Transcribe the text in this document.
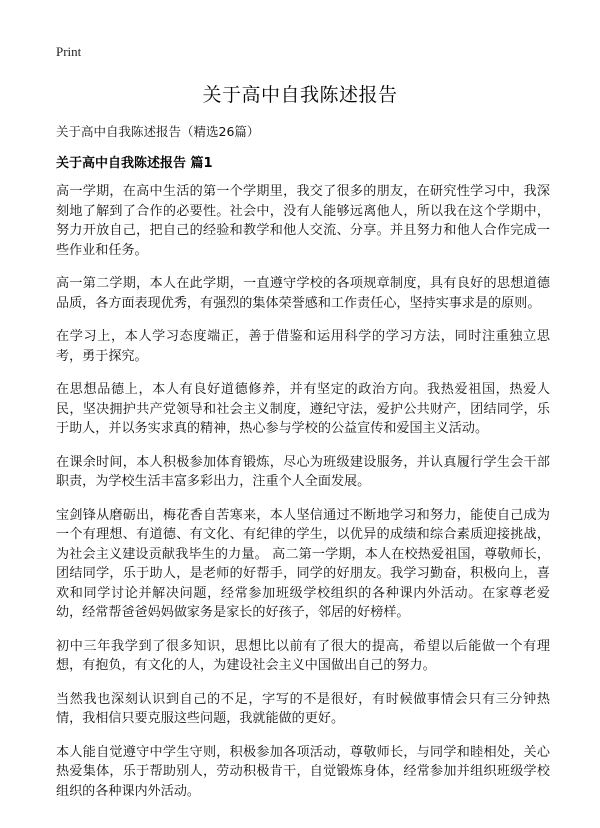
Print
关于高中自我陈述报告
关于高中自我陈述报告（精选26篇）
关于高中自我陈述报告 篇1

高一学期，在高中生活的第一个学期里，我交了很多的朋友，在研究性学习中，我深刻地了解到了合作的必要性。社会中，没有人能够远离他人，所以我在这个学期中，努力开放自己，把自己的经验和教学和他人交流、分享。并且努力和他人合作完成一些作业和任务。

高一第二学期，本人在此学期，一直遵守学校的各项规章制度，具有良好的思想道德品质，各方面表现优秀，有强烈的集体荣誉感和工作责任心，坚持实事求是的原则。

在学习上，本人学习态度端正，善于借鉴和运用科学的学习方法，同时注重独立思考，勇于探究。

在思想品德上，本人有良好道德修养，并有坚定的政治方向。我热爱祖国，热爱人民，坚决拥护共产党领导和社会主义制度，遵纪守法，爱护公共财产，团结同学，乐于助人，并以务实求真的精神，热心参与学校的公益宣传和爱国主义活动。

在课余时间，本人积极参加体育锻炼，尽心为班级建设服务，并认真履行学生会干部职责，为学校生活丰富多彩出力，注重个人全面发展。

宝剑锋从磨砺出，梅花香自苦寒来，本人坚信通过不断地学习和努力，能使自己成为一个有理想、有道德、有文化、有纪律的学生，以优异的成绩和综合素质迎接挑战，为社会主义建设贡献我毕生的力量。 高二第一学期，本人在校热爱祖国，尊敬师长，团结同学，乐于助人，是老师的好帮手，同学的好朋友。我学习勤奋，积极向上，喜欢和同学讨论并解决问题，经常参加班级学校组织的各种课内外活动。在家尊老爱幼，经常帮爸爸妈妈做家务是家长的好孩子，邻居的好榜样。

初中三年我学到了很多知识，思想比以前有了很大的提高，希望以后能做一个有理想，有抱负，有文化的人，为建设社会主义中国做出自己的努力。

当然我也深刻认识到自己的不足，字写的不是很好，有时候做事情会只有三分钟热情，我相信只要克服这些问题，我就能做的更好。

本人能自觉遵守中学生守则，积极参加各项活动，尊敬师长，与同学和睦相处，关心热爱集体，乐于帮助别人，劳动积极肯干，自觉锻炼身体，经常参加并组织班级学校组织的各种课内外活动。
